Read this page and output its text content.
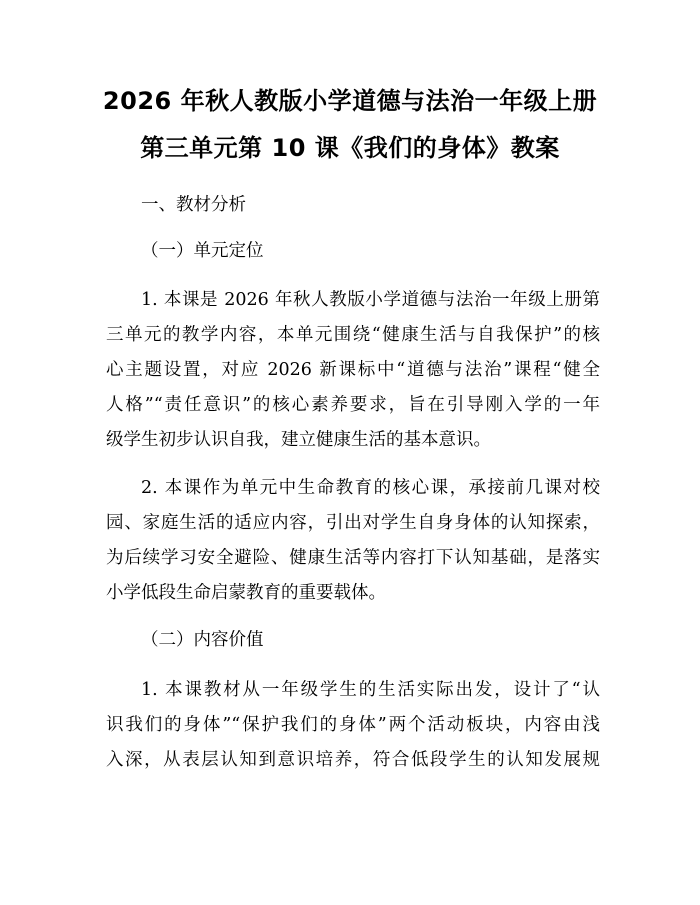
2026 年秋人教版小学道德与法治一年级上册
第三单元第 10 课《我们的身体》教案
一、教材分析
（一）单元定位
1. 本课是 2026 年秋人教版小学道德与法治一年级上册第
三单元的教学内容，本单元围绕“健康生活与自我保护”的核
心主题设置，对应 2026 新课标中“道德与法治”课程“健全
人格”“责任意识”的核心素养要求，旨在引导刚入学的一年
级学生初步认识自我，建立健康生活的基本意识。
2. 本课作为单元中生命教育的核心课，承接前几课对校
园、家庭生活的适应内容，引出对学生自身身体的认知探索，
为后续学习安全避险、健康生活等内容打下认知基础，是落实
小学低段生命启蒙教育的重要载体。
（二）内容价值
1. 本课教材从一年级学生的生活实际出发，设计了“认
识我们的身体”“保护我们的身体”两个活动板块，内容由浅
入深，从表层认知到意识培养，符合低段学生的认知发展规
